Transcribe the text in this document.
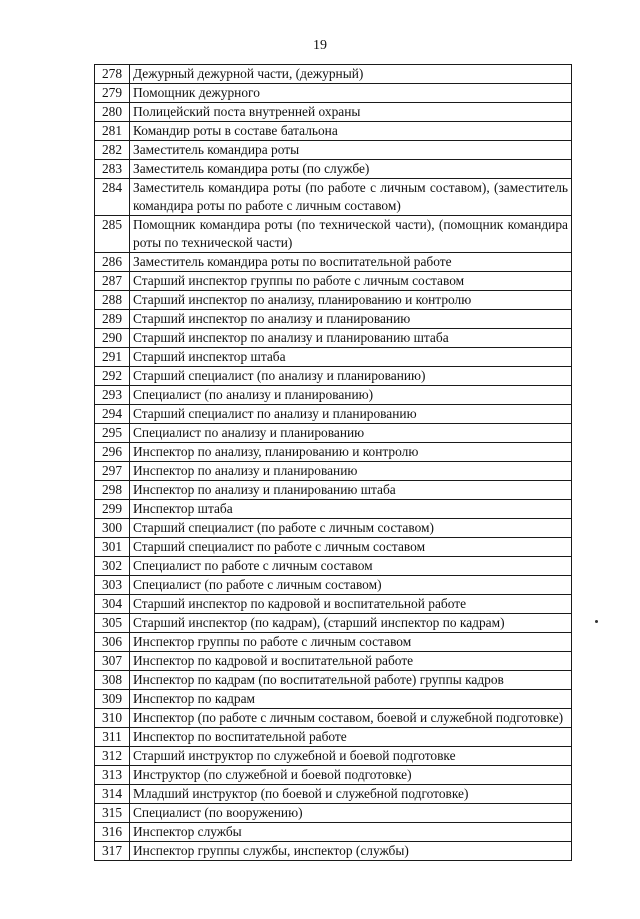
19
278	Дежурный дежурной части, (дежурный)
279	Помощник дежурного
280	Полицейский поста внутренней охраны
281	Командир роты в составе батальона
282	Заместитель командира роты
283	Заместитель командира роты (по службе)
284	Заместитель командира роты (по работе с личным составом), (заместитель командира роты по работе с личным составом)
285	Помощник командира роты (по технической части), (помощник командира роты по технической части)
286	Заместитель командира роты по воспитательной работе
287	Старший инспектор группы по работе с личным составом
288	Старший инспектор по анализу, планированию и контролю
289	Старший инспектор по анализу и планированию
290	Старший инспектор по анализу и планированию штаба
291	Старший инспектор штаба
292	Старший специалист (по анализу и планированию)
293	Специалист (по анализу и планированию)
294	Старший специалист по анализу и планированию
295	Специалист по анализу и планированию
296	Инспектор по анализу, планированию и контролю
297	Инспектор по анализу и планированию
298	Инспектор по анализу и планированию штаба
299	Инспектор штаба
300	Старший специалист (по работе с личным составом)
301	Старший специалист по работе с личным составом
302	Специалист по работе с личным составом
303	Специалист (по работе с личным составом)
304	Старший инспектор по кадровой и воспитательной работе
305	Старший инспектор (по кадрам), (старший инспектор по кадрам)
306	Инспектор группы по работе с личным составом
307	Инспектор по кадровой и воспитательной работе
308	Инспектор по кадрам (по воспитательной работе) группы кадров
309	Инспектор по кадрам
310	Инспектор (по работе с личным составом, боевой и служебной подготовке)
311	Инспектор по воспитательной работе
312	Старший инструктор по служебной и боевой подготовке
313	Инструктор (по служебной и боевой подготовке)
314	Младший инструктор (по боевой и служебной подготовке)
315	Специалист (по вооружению)
316	Инспектор службы
317	Инспектор группы службы, инспектор (службы)
